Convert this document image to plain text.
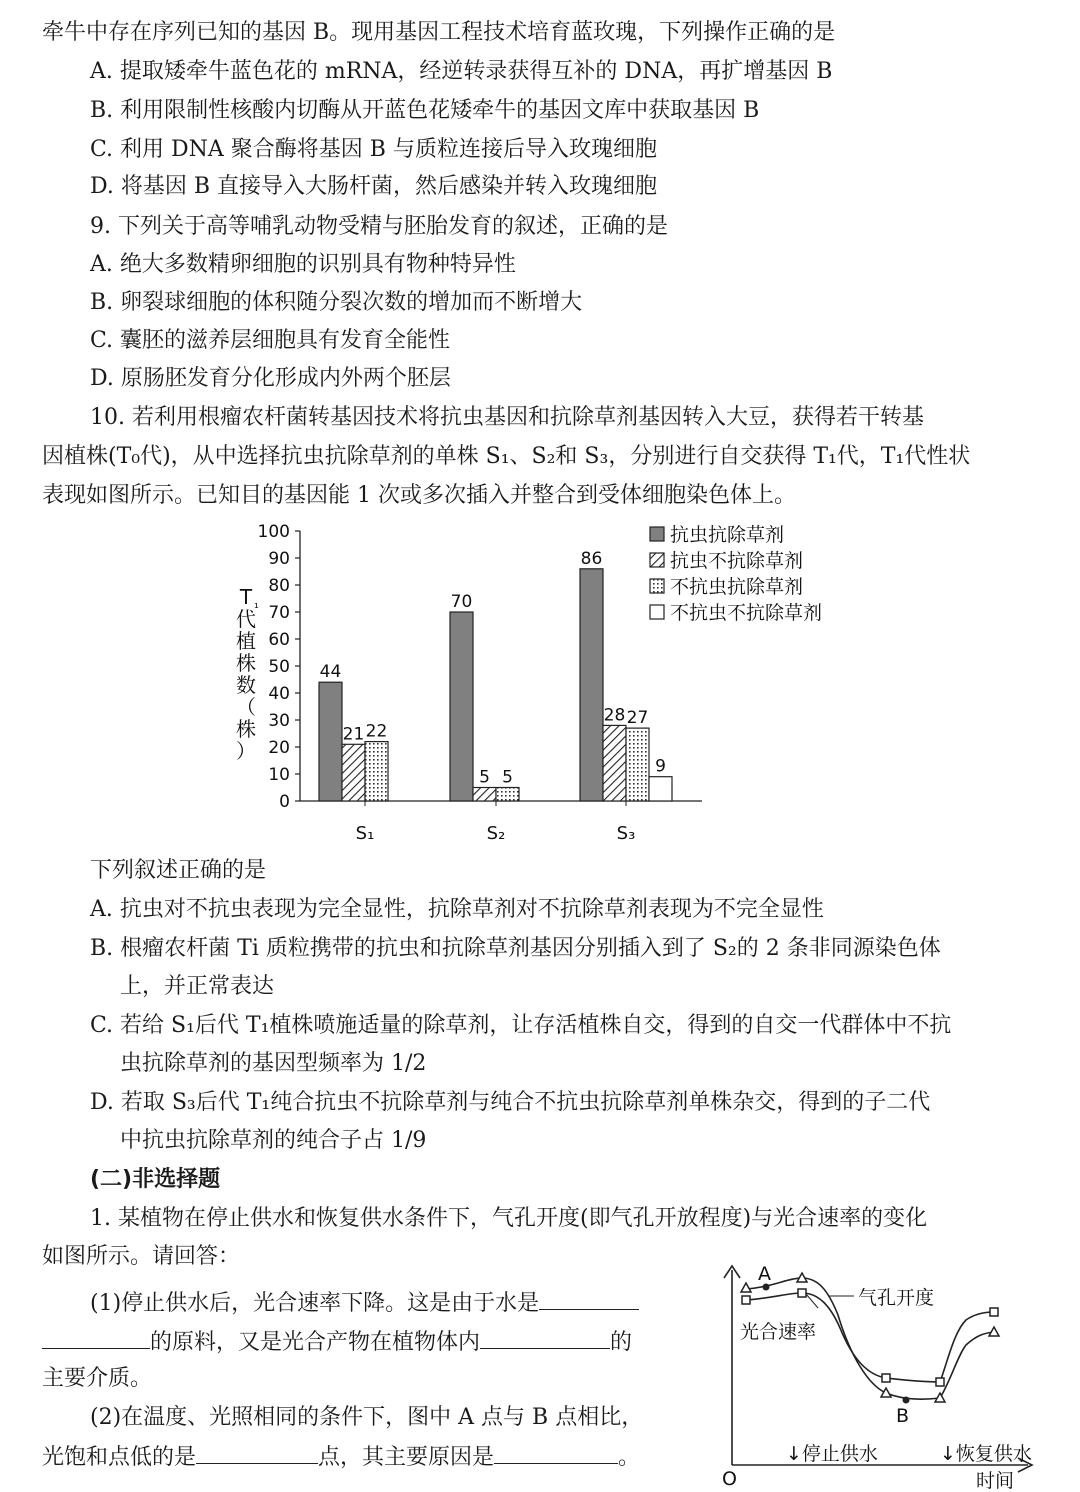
牵牛中存在序列已知的基因 B。现用基因工程技术培育蓝玫瑰，下列操作正确的是
A. 提取矮牵牛蓝色花的 mRNA，经逆转录获得互补的 DNA，再扩增基因 B
B. 利用限制性核酸内切酶从开蓝色花矮牵牛的基因文库中获取基因 B
C. 利用 DNA 聚合酶将基因 B 与质粒连接后导入玫瑰细胞
D. 将基因 B 直接导入大肠杆菌，然后感染并转入玫瑰细胞
9. 下列关于高等哺乳动物受精与胚胎发育的叙述，正确的是
A. 绝大多数精卵细胞的识别具有物种特异性
B. 卵裂球细胞的体积随分裂次数的增加而不断增大
C. 囊胚的滋养层细胞具有发育全能性
D. 原肠胚发育分化形成内外两个胚层
10. 若利用根瘤农杆菌转基因技术将抗虫基因和抗除草剂基因转入大豆，获得若干转基
因植株(T₀代)，从中选择抗虫抗除草剂的单株 S₁、S₂和 S₃，分别进行自交获得 T₁代，T₁代性状
表现如图所示。已知目的基因能 1 次或多次插入并整合到受体细胞染色体上。
0
10
20
30
40
50
60
70
80
90
100
T ₁
代
植
株
数
（
株
）
44
21 22
S₁
70
5 5
S₂
86
28 27
9
S₃
抗虫抗除草剂
抗虫不抗除草剂
不抗虫抗除草剂
不抗虫不抗除草剂
下列叙述正确的是
A. 抗虫对不抗虫表现为完全显性，抗除草剂对不抗除草剂表现为不完全显性
B. 根瘤农杆菌 Ti 质粒携带的抗虫和抗除草剂基因分别插入到了 S₂的 2 条非同源染色体
上，并正常表达
C. 若给 S₁后代 T₁植株喷施适量的除草剂，让存活植株自交，得到的自交一代群体中不抗
虫抗除草剂的基因型频率为 1/2
D. 若取 S₃后代 T₁纯合抗虫不抗除草剂与纯合不抗虫抗除草剂单株杂交，得到的子二代
中抗虫抗除草剂的纯合子占 1/9
(二)非选择题
1. 某植物在停止供水和恢复供水条件下，气孔开度(即气孔开放程度)与光合速率的变化
如图所示。请回答：
(1)停止供水后，光合速率下降。这是由于水是
的原料，又是光合产物在植物体内	的
主要介质。
(2)在温度、光照相同的条件下，图中 A 点与 B 点相比，
光饱和点低的是	点，其主要原因是	。
A
B
气孔开度
光合速率
↓停止供水	↓恢复供水
O	时间
